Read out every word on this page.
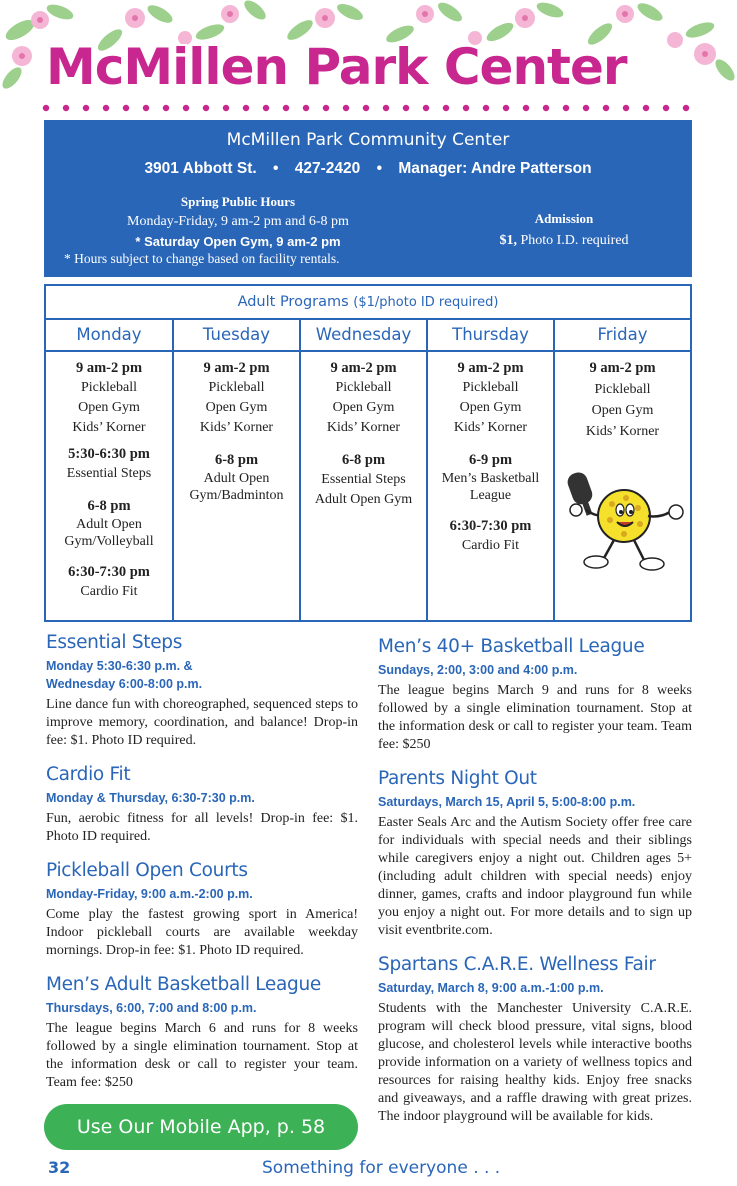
McMillen Park Center
McMillen Park Community Center
3901 Abbott St. • 427-2420 • Manager: Andre Patterson
Spring Public Hours
Monday-Friday, 9 am-2 pm and 6-8 pm
* Saturday Open Gym, 9 am-2 pm
* Hours subject to change based on facility rentals.
Admission
$1, Photo I.D. required
Adult Programs ($1/photo ID required)
Monday
9 am-2 pm
Pickleball
Open Gym
Kids’ Korner
5:30-6:30 pm
Essential Steps
6-8 pm
Adult Open Gym/Volleyball
6:30-7:30 pm
Cardio Fit
Tuesday
9 am-2 pm
Pickleball
Open Gym
Kids’ Korner
6-8 pm
Adult Open Gym/Badminton
Wednesday
9 am-2 pm
Pickleball
Open Gym
Kids’ Korner
6-8 pm
Essential Steps
Adult Open Gym
Thursday
9 am-2 pm
Pickleball
Open Gym
Kids’ Korner
6-9 pm
Men’s Basketball League
6:30-7:30 pm
Cardio Fit
Friday
9 am-2 pm
Pickleball
Open Gym
Kids’ Korner
Essential Steps
Monday 5:30-6:30 p.m. &
Wednesday 6:00-8:00 p.m.
Line dance fun with choreographed, sequenced steps to improve memory, coordination, and balance! Drop-in fee: $1. Photo ID required.
Cardio Fit
Monday & Thursday, 6:30-7:30 p.m.
Fun, aerobic fitness for all levels! Drop-in fee: $1. Photo ID required.
Pickleball Open Courts
Monday-Friday, 9:00 a.m.-2:00 p.m.
Come play the fastest growing sport in America! Indoor pickleball courts are available weekday mornings. Drop-in fee: $1. Photo ID required.
Men’s Adult Basketball League
Thursdays, 6:00, 7:00 and 8:00 p.m.
The league begins March 6 and runs for 8 weeks followed by a single elimination tournament. Stop at the information desk or call to register your team. Team fee: $250
Men’s 40+ Basketball League
Sundays, 2:00, 3:00 and 4:00 p.m.
The league begins March 9 and runs for 8 weeks followed by a single elimination tournament. Stop at the information desk or call to register your team. Team fee: $250
Parents Night Out
Saturdays, March 15, April 5, 5:00-8:00 p.m.
Easter Seals Arc and the Autism Society offer free care for individuals with special needs and their siblings while caregivers enjoy a night out. Children ages 5+ (including adult children with special needs) enjoy dinner, games, crafts and indoor playground fun while you enjoy a night out. For more details and to sign up visit eventbrite.com.
Spartans C.A.R.E. Wellness Fair
Saturday, March 8, 9:00 a.m.-1:00 p.m.
Students with the Manchester University C.A.R.E. program will check blood pressure, vital signs, blood glucose, and cholesterol levels while interactive booths provide information on a variety of wellness topics and resources for raising healthy kids. Enjoy free snacks and giveaways, and a raffle drawing with great prizes. The indoor playground will be available for kids.
Use Our Mobile App, p. 58
32	Something for everyone . . .
